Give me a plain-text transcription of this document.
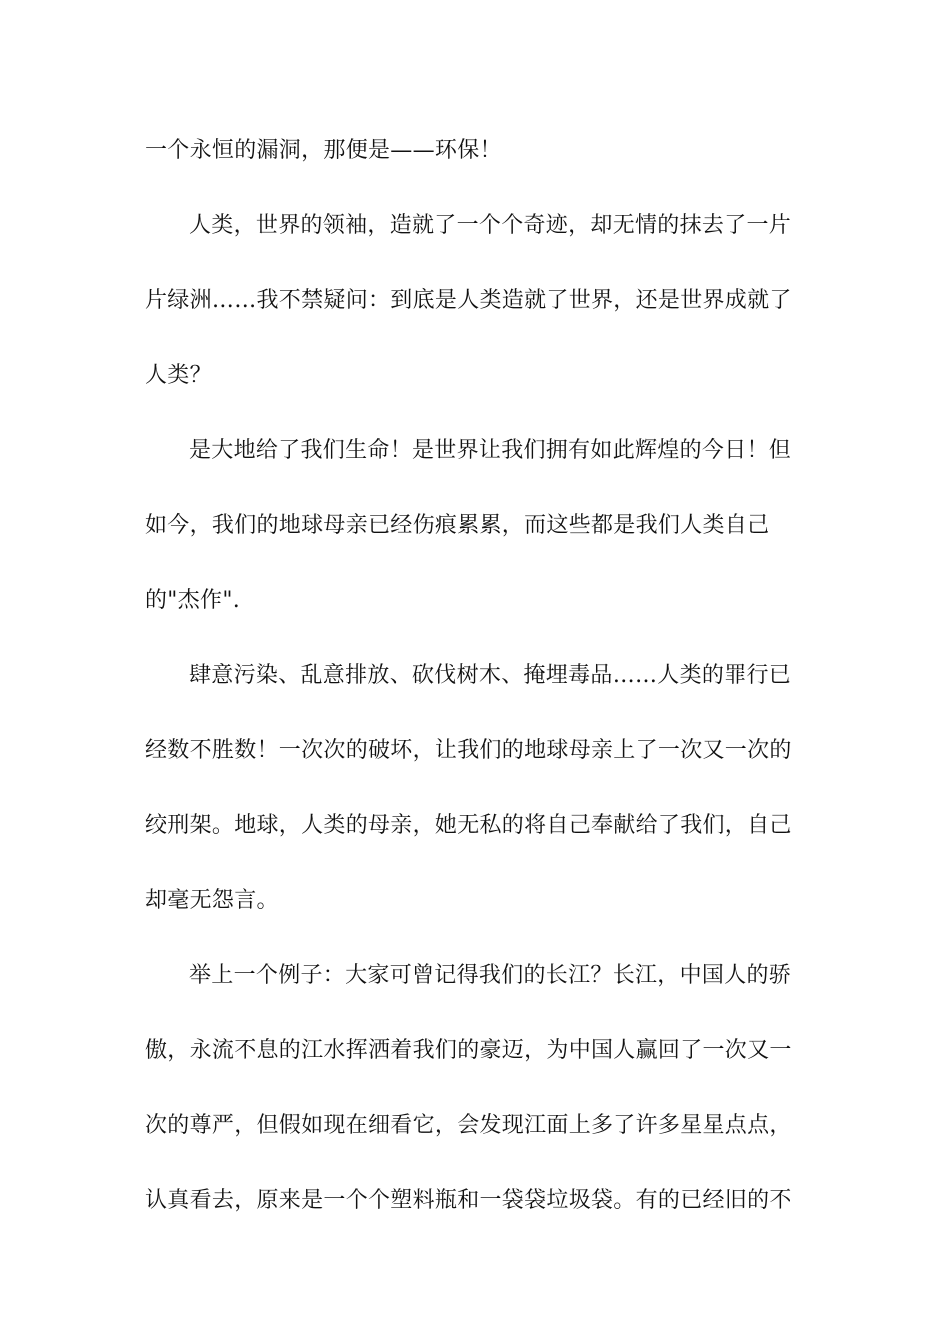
一个永恒的漏洞，那便是——环保！
人类，世界的领袖，造就了一个个奇迹，却无情的抹去了一片
片绿洲……我不禁疑问：到底是人类造就了世界，还是世界成就了
人类？
是大地给了我们生命！是世界让我们拥有如此辉煌的今日！但
如今，我们的地球母亲已经伤痕累累，而这些都是我们人类自己
的"杰作".
肆意污染、乱意排放、砍伐树木、掩埋毒品……人类的罪行已
经数不胜数！一次次的破坏，让我们的地球母亲上了一次又一次的
绞刑架。地球，人类的母亲，她无私的将自己奉献给了我们，自己
却毫无怨言。
举上一个例子：大家可曾记得我们的长江？长江，中国人的骄
傲，永流不息的江水挥洒着我们的豪迈，为中国人赢回了一次又一
次的尊严，但假如现在细看它，会发现江面上多了许多星星点点，
认真看去，原来是一个个塑料瓶和一袋袋垃圾袋。有的已经旧的不
